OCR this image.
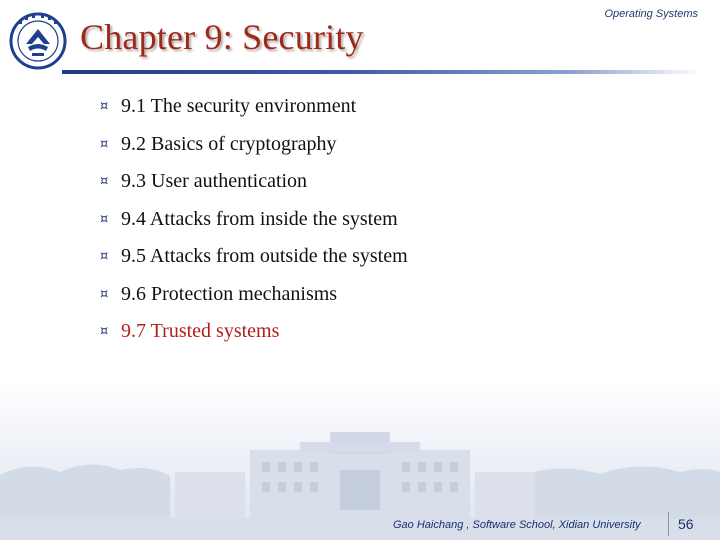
Chapter 9: Security
Operating Systems
¤ 9.1 The security environment
¤ 9.2 Basics of cryptography
¤ 9.3 User authentication
¤ 9.4 Attacks from inside the system
¤ 9.5 Attacks from outside the system
¤ 9.6 Protection mechanisms
¤ 9.7 Trusted systems
Gao Haichang , Software School, Xidian University	56
